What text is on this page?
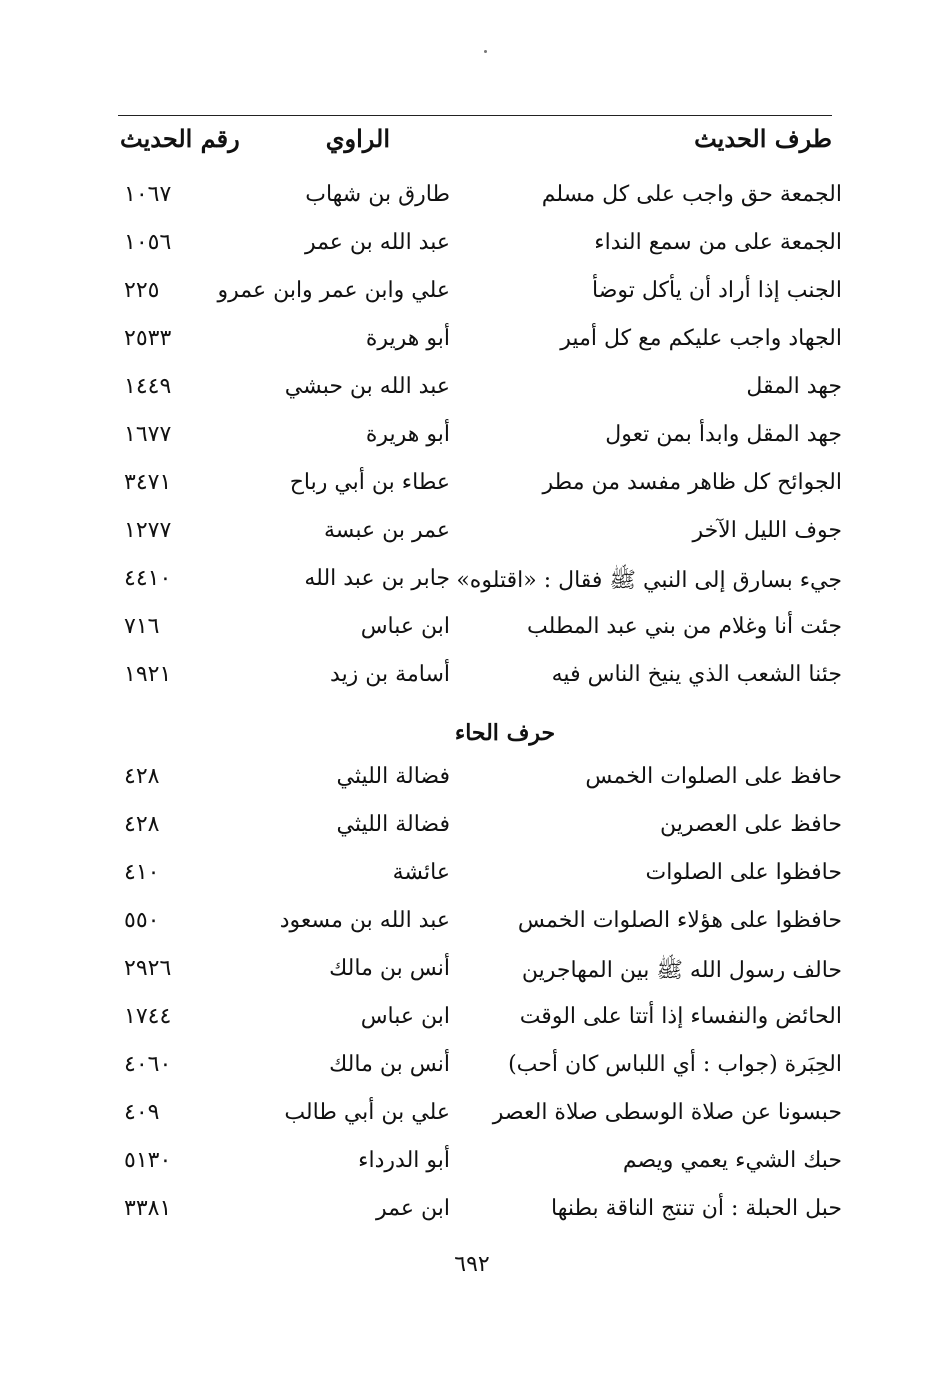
طرف الحديث
الراوي
رقم الحديث
الجمعة حق واجب على كل مسلم
طارق بن شهاب
١٠٦٧
الجمعة على من سمع النداء
عبد الله بن عمر
١٠٥٦
الجنب إذا أراد أن يأكل توضأ
علي وابن عمر وابن عمرو
٢٢٥
الجهاد واجب عليكم مع كل أمير
أبو هريرة
٢٥٣٣
جهد المقل
عبد الله بن حبشي
١٤٤٩
جهد المقل وابدأ بمن تعول
أبو هريرة
١٦٧٧
الجوائح كل ظاهر مفسد من مطر
عطاء بن أبي رباح
٣٤٧١
جوف الليل الآخر
عمر بن عبسة
١٢٧٧
جيء بسارق إلى النبي ﷺ فقال : «اقتلوه»
جابر بن عبد الله
٤٤١٠
جئت أنا وغلام من بني عبد المطلب
ابن عباس
٧١٦
جئنا الشعب الذي ينيخ الناس فيه
أسامة بن زيد
١٩٢١
حرف الحاء
حافظ على الصلوات الخمس
فضالة الليثي
٤٢٨
حافظ على العصرين
فضالة الليثي
٤٢٨
حافظوا على الصلوات
عائشة
٤١٠
حافظوا على هؤلاء الصلوات الخمس
عبد الله بن مسعود
٥٥٠
حالف رسول الله ﷺ بين المهاجرين
أنس بن مالك
٢٩٢٦
الحائض والنفساء إذا أتتا على الوقت
ابن عباس
١٧٤٤
الحِبَرة (جواب : أي اللباس كان أحب)
أنس بن مالك
٤٠٦٠
حبسونا عن صلاة الوسطى صلاة العصر
علي بن أبي طالب
٤٠٩
حبك الشيء يعمي ويصم
أبو الدرداء
٥١٣٠
حبل الحبلة : أن تنتج الناقة بطنها
ابن عمر
٣٣٨١
٦٩٢
